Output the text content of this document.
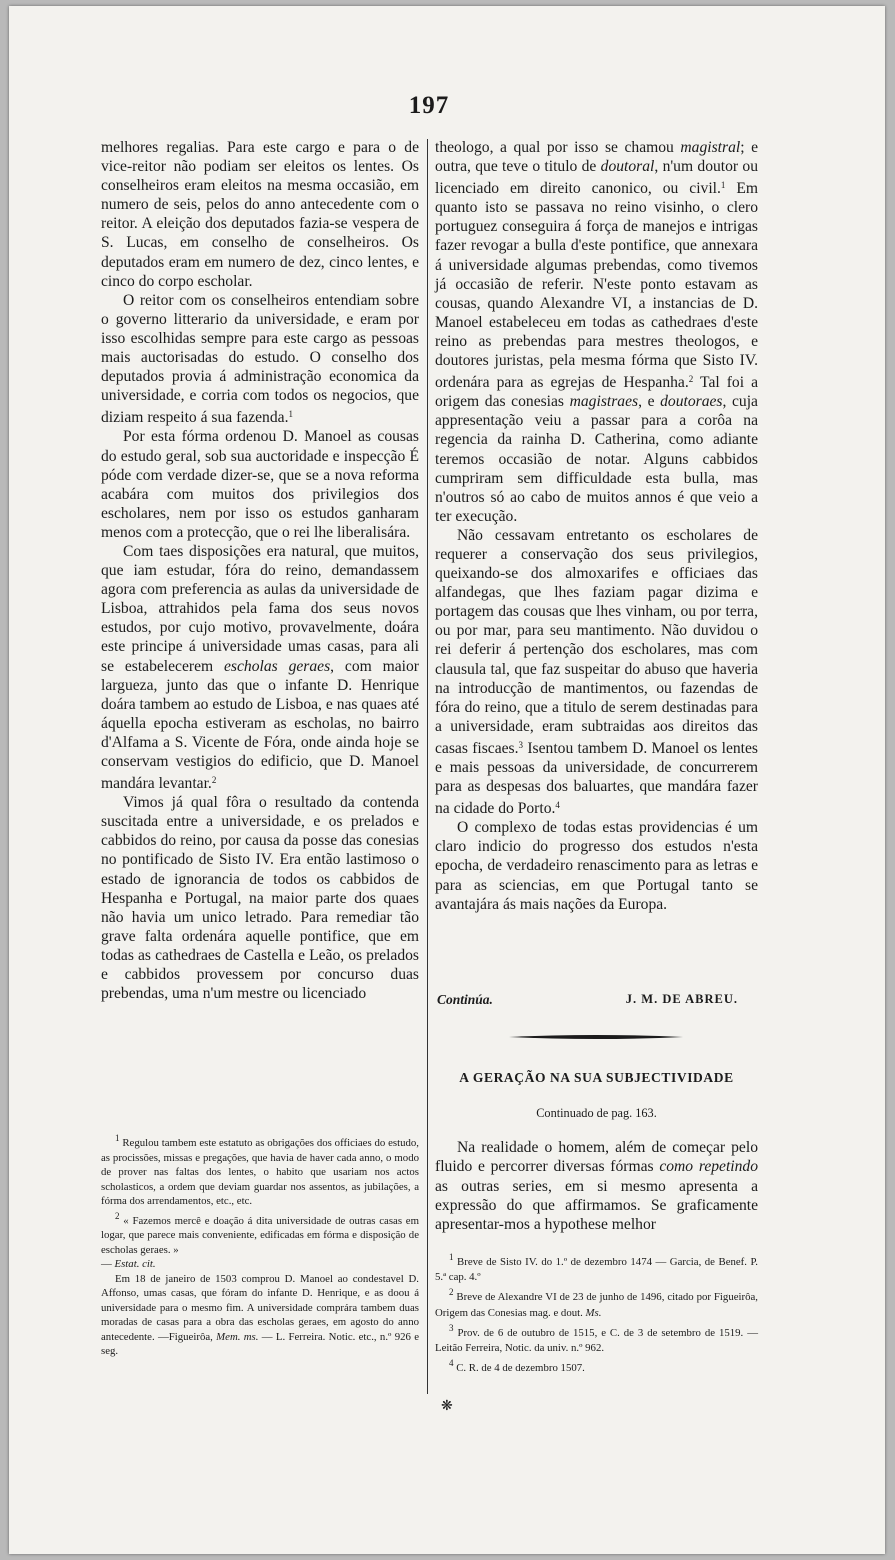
197

melhores regalias. Para este cargo e para o de vice-reitor não podiam ser eleitos os lentes. Os conselheiros eram eleitos na mesma occasião, em numero de seis, pelos do anno antecedente com o reitor. A eleição dos deputados fazia-se vespera de S. Lucas, em conselho de conselheiros. Os deputados eram em numero de dez, cinco lentes, e cinco do corpo escholar.

O reitor com os conselheiros entendiam sobre o governo litterario da universidade, e eram por isso escolhidas sempre para este cargo as pessoas mais auctorisadas do estudo. O conselho dos deputados provia á administração economica da universidade, e corria com todos os negocios, que diziam respeito á sua fazenda.$^1$

Por esta fórma ordenou D. Manoel as cousas do estudo geral, sob sua auctoridade e inspecção É póde com verdade dizer-se, que se a nova reforma acabára com muitos dos privilegios dos escholares, nem por isso os estudos ganharam menos com a protecção, que o rei lhe liberalisára.

Com taes disposições era natural, que muitos, que iam estudar, fóra do reino, demandassem agora com preferencia as aulas da universidade de Lisboa, attrahidos pela fama dos seus novos estudos, por cujo motivo, provavelmente, doára este principe á universidade umas casas, para ali se estabelecerem escholas geraes, com maior largueza, junto das que o infante D. Henrique doára tambem ao estudo de Lisboa, e nas quaes até áquella epocha estiveram as escholas, no bairro d'Alfama a S. Vicente de Fóra, onde ainda hoje se conservam vestigios do edificio, que D. Manoel mandára levantar.$^2$

Vimos já qual fôra o resultado da contenda suscitada entre a universidade, e os prelados e cabbidos do reino, por causa da posse das conesias no pontificado de Sisto IV. Era então lastimoso o estado de ignorancia de todos os cabbidos de Hespanha e Portugal, na maior parte dos quaes não havia um unico letrado. Para remediar tão grave falta ordenára aquelle pontifice, que em todas as cathedraes de Castella e Leão, os prelados e cabbidos provessem por concurso duas prebendas, uma n'um mestre ou licenciado

$^1$ Regulou tambem este estatuto as obrigações dos officiaes do estudo, as procissões, missas e pregações, que havia de haver cada anno, o modo de prover nas faltas dos lentes, o habito que usariam nos actos scholasticos, a ordem que deviam guardar nos assentos, as jubilações, a fórma dos arrendamentos, etc., etc.

$^2$ « Fazemos mercê e doação á dita universidade de outras casas em logar, que parece mais conveniente, edificadas em fórma e disposição de escholas geraes. »
— Estat. cit.

Em 18 de janeiro de 1503 comprou D. Manoel ao condestavel D. Affonso, umas casas, que fóram do infante D. Henrique, e as doou á universidade para o mesmo fim. A universidade comprára tambem duas moradas de casas para a obra das escholas geraes, em agosto do anno antecedente. —Figueirôa, Mem. ms. — L. Ferreira. Notic. etc., n.º 926 e seg.

theologo, a qual por isso se chamou magistral; e outra, que teve o titulo de doutoral, n'um doutor ou licenciado em direito canonico, ou civil.$^1$ Em quanto isto se passava no reino visinho, o clero portuguez conseguira á força de manejos e intrigas fazer revogar a bulla d'este pontifice, que annexara á universidade algumas prebendas, como tivemos já occasião de referir. N'este ponto estavam as cousas, quando Alexandre VI, a instancias de D. Manoel estabeleceu em todas as cathedraes d'este reino as prebendas para mestres theologos, e doutores juristas, pela mesma fórma que Sisto IV. ordenára para as egrejas de Hespanha.$^2$ Tal foi a origem das conesias magistraes, e doutoraes, cuja appresentação veiu a passar para a corôa na regencia da rainha D. Catherina, como adiante teremos occasião de notar. Alguns cabbidos cumpriram sem difficuldade esta bulla, mas n'outros só ao cabo de muitos annos é que veio a ter execução.

Não cessavam entretanto os escholares de requerer a conservação dos seus privilegios, queixando-se dos almoxarifes e officiaes das alfandegas, que lhes faziam pagar dizima e portagem das cousas que lhes vinham, ou por terra, ou por mar, para seu mantimento. Não duvidou o rei deferir á pertenção dos escholares, mas com clausula tal, que faz suspeitar do abuso que haveria na introducção de mantimentos, ou fazendas de fóra do reino, que a titulo de serem destinadas para a universidade, eram subtraidas aos direitos das casas fiscaes.$^3$ Isentou tambem D. Manoel os lentes e mais pessoas da universidade, de concurrerem para as despesas dos baluartes, que mandára fazer na cidade do Porto.$^4$

O complexo de todas estas providencias é um claro indicio do progresso dos estudos n'esta epocha, de verdadeiro renascimento para as letras e para as sciencias, em que Portugal tanto se avantajára ás mais nações da Europa.

Continúa.	J. M. DE ABREU.
A GERAÇÃO NA SUA SUBJECTIVIDADE
Continuado de pag. 163.

Na realidade o homem, além de começar pelo fluido e percorrer diversas fórmas como repetindo as outras series, em si mesmo apresenta a expressão do que affirmamos. Se graficamente apresentar-mos a hypothese melhor

$^1$ Breve de Sisto IV. do 1.º de dezembro 1474 — Garcia, de Benef. P. 5.ª cap. 4.º

$^2$ Breve de Alexandre VI de 23 de junho de 1496, citado por Figueirôa, Origem das Conesias mag. e dout. Ms.

$^3$ Prov. de 6 de outubro de 1515, e C. de 3 de setembro de 1519. — Leitão Ferreira, Notic. da univ. n.º 962.

$^4$ C. R. de 4 de dezembro 1507.

❋
